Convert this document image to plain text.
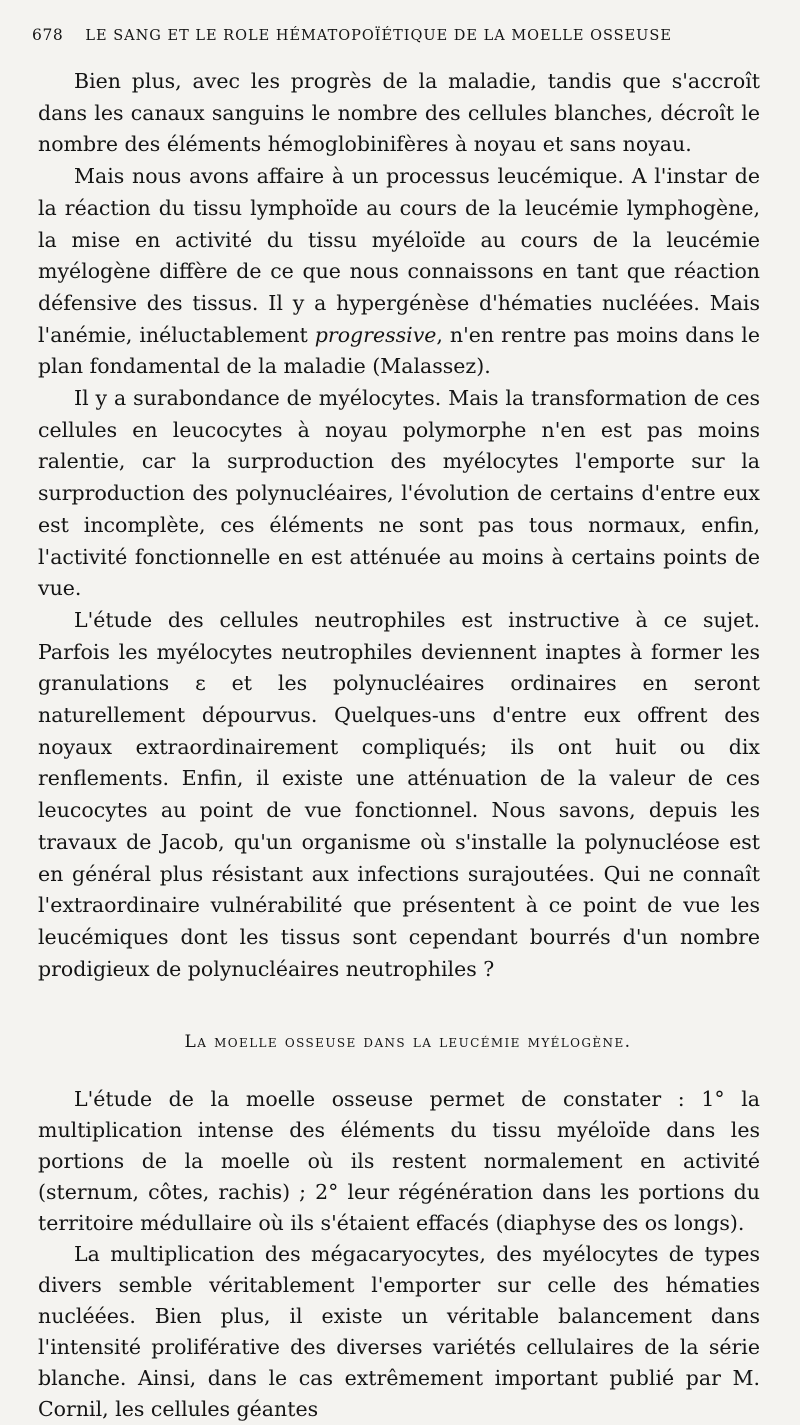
678 LE SANG ET LE ROLE HÉMATOPOÏÉTIQUE DE LA MOELLE OSSEUSE

Bien plus, avec les progrès de la maladie, tandis que s'accroît dans les canaux sanguins le nombre des cellules blanches, décroît le nombre des éléments hémoglobinifères à noyau et sans noyau.

Mais nous avons affaire à un processus leucémique. A l'instar de la réaction du tissu lymphoïde au cours de la leucémie lymphogène, la mise en activité du tissu myéloïde au cours de la leucémie myélogène diffère de ce que nous connaissons en tant que réaction défensive des tissus. Il y a hypergénèse d'hématies nucléées. Mais l'anémie, inéluctablement progressive, n'en rentre pas moins dans le plan fondamental de la maladie (Malassez).

Il y a surabondance de myélocytes. Mais la transformation de ces cellules en leucocytes à noyau polymorphe n'en est pas moins ralentie, car la surproduction des myélocytes l'emporte sur la surproduction des polynucléaires, l'évolution de certains d'entre eux est incomplète, ces éléments ne sont pas tous normaux, enfin, l'activité fonctionnelle en est atténuée au moins à certains points de vue.

L'étude des cellules neutrophiles est instructive à ce sujet. Parfois les myélocytes neutrophiles deviennent inaptes à former les granulations ε et les polynucléaires ordinaires en seront naturellement dépourvus. Quelques-uns d'entre eux offrent des noyaux extraordinairement compliqués; ils ont huit ou dix renflements. Enfin, il existe une atténuation de la valeur de ces leucocytes au point de vue fonctionnel. Nous savons, depuis les travaux de Jacob, qu'un organisme où s'installe la polynucléose est en général plus résistant aux infections surajoutées. Qui ne connaît l'extraordinaire vulnérabilité que présentent à ce point de vue les leucémiques dont les tissus sont cependant bourrés d'un nombre prodigieux de polynucléaires neutrophiles ?

La moelle osseuse dans la leucémie myélogène.

L'étude de la moelle osseuse permet de constater : 1° la multiplication intense des éléments du tissu myéloïde dans les portions de la moelle où ils restent normalement en activité (sternum, côtes, rachis) ; 2° leur régénération dans les portions du territoire médullaire où ils s'étaient effacés (diaphyse des os longs).

La multiplication des mégacaryocytes, des myélocytes de types divers semble véritablement l'emporter sur celle des hématies nucléées. Bien plus, il existe un véritable balancement dans l'intensité proliférative des diverses variétés cellulaires de la série blanche. Ainsi, dans le cas extrêmement important publié par M. Cornil, les cellules géantes
